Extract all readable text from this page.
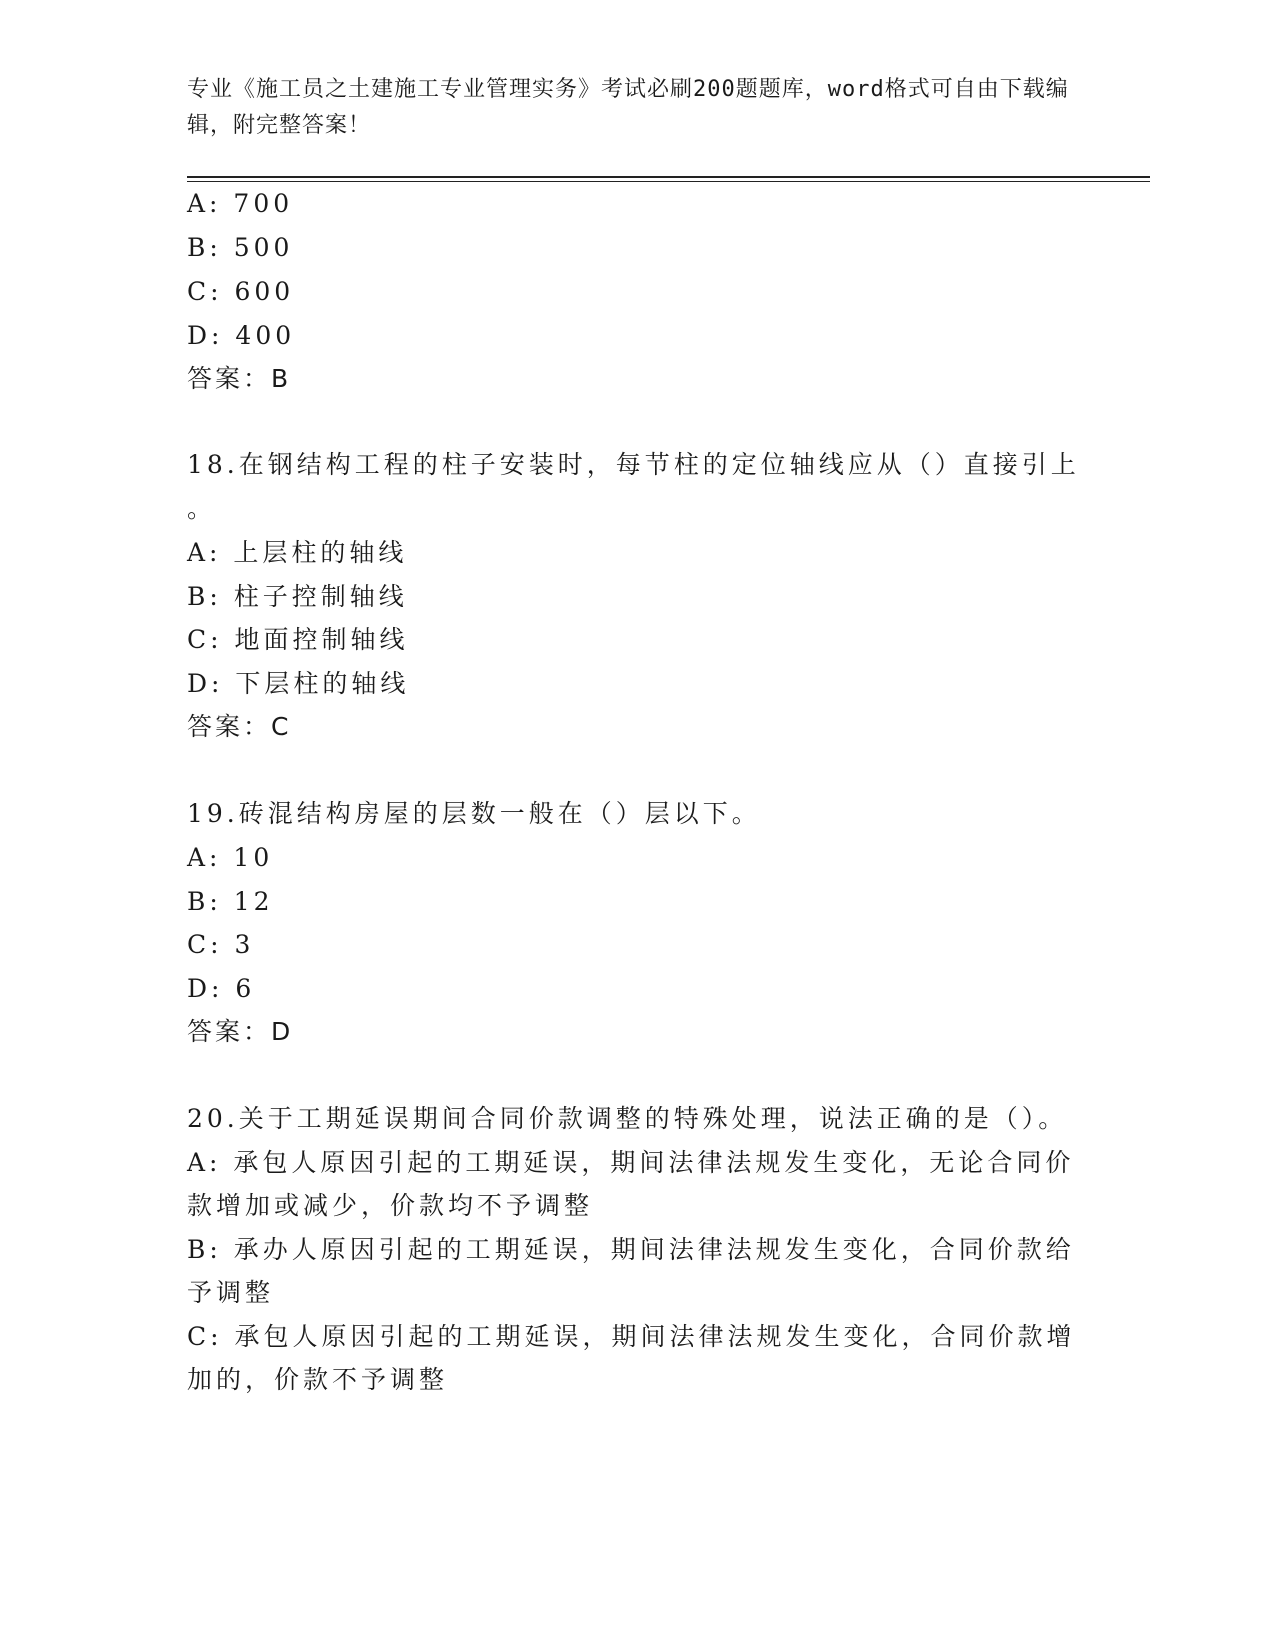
专业《施工员之土建施工专业管理实务》考试必刷200题题库，word格式可自由下载编辑，附完整答案！
A: 700
B: 500
C: 600
D: 400
答案：B
18.在钢结构工程的柱子安装时，每节柱的定位轴线应从（）直接引上
。
A: 上层柱的轴线
B: 柱子控制轴线
C: 地面控制轴线
D: 下层柱的轴线
答案：C
19.砖混结构房屋的层数一般在（）层以下。
A: 10
B: 12
C: 3
D: 6
答案：D
20.关于工期延误期间合同价款调整的特殊处理，说法正确的是（）。
A: 承包人原因引起的工期延误，期间法律法规发生变化，无论合同价
款增加或减少，价款均不予调整
B: 承办人原因引起的工期延误，期间法律法规发生变化，合同价款给
予调整
C: 承包人原因引起的工期延误，期间法律法规发生变化，合同价款增
加的，价款不予调整
